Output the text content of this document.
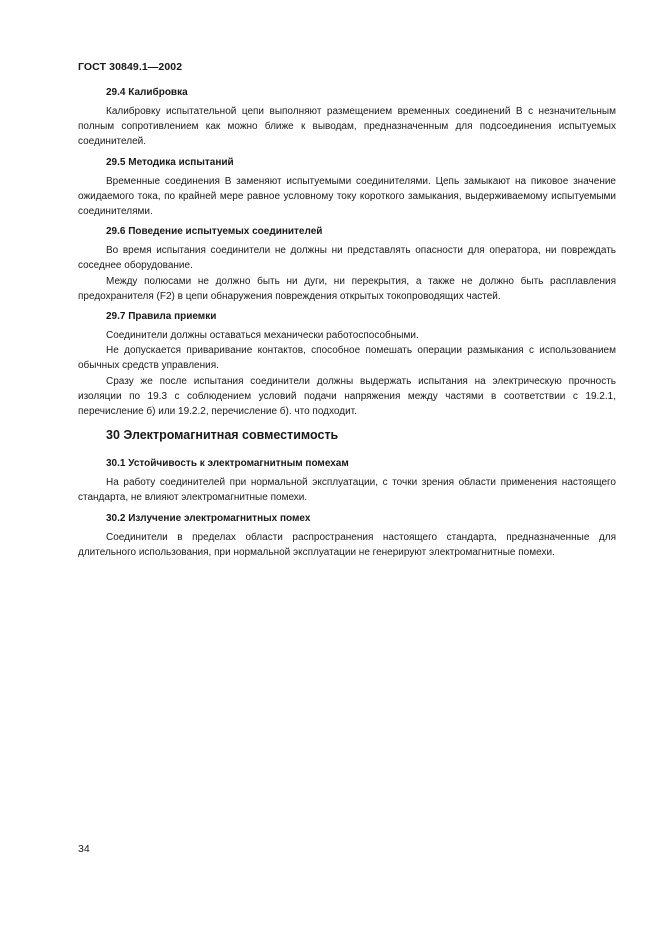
ГОСТ 30849.1—2002
29.4 Калибровка

Калибровку испытательной цепи выполняют размещением временных соединений В с незначительным полным сопротивлением как можно ближе к выводам, предназначенным для подсоединения испытуемых соединителей.

29.5 Методика испытаний

Временные соединения В заменяют испытуемыми соединителями. Цепь замыкают на пиковое значение ожидаемого тока, по крайней мере равное условному току короткого замыкания, выдерживаемому испытуемыми соединителями.

29.6 Поведение испытуемых соединителей

Во время испытания соединители не должны ни представлять опасности для оператора, ни повреждать соседнее оборудование.

Между полюсами не должно быть ни дуги, ни перекрытия, а также не должно быть расплавления предохранителя (F2) в цепи обнаружения повреждения открытых токопроводящих частей.

29.7 Правила приемки

Соединители должны оставаться механически работоспособными.

Не допускается приваривание контактов, способное помешать операции размыкания с использованием обычных средств управления.

Сразу же после испытания соединители должны выдержать испытания на электрическую прочность изоляции по 19.3 с соблюдением условий подачи напряжения между частями в соответствии с 19.2.1, перечисление б) или 19.2.2, перечисление б). что подходит.

30 Электромагнитная совместимость
30.1 Устойчивость к электромагнитным помехам

На работу соединителей при нормальной эксплуатации, с точки зрения области применения настоящего стандарта, не влияют электромагнитные помехи.

30.2 Излучение электромагнитных помех

Соединители в пределах области распространения настоящего стандарта, предназначенные для длительного использования, при нормальной эксплуатации не генерируют электромагнитные помехи.

34
